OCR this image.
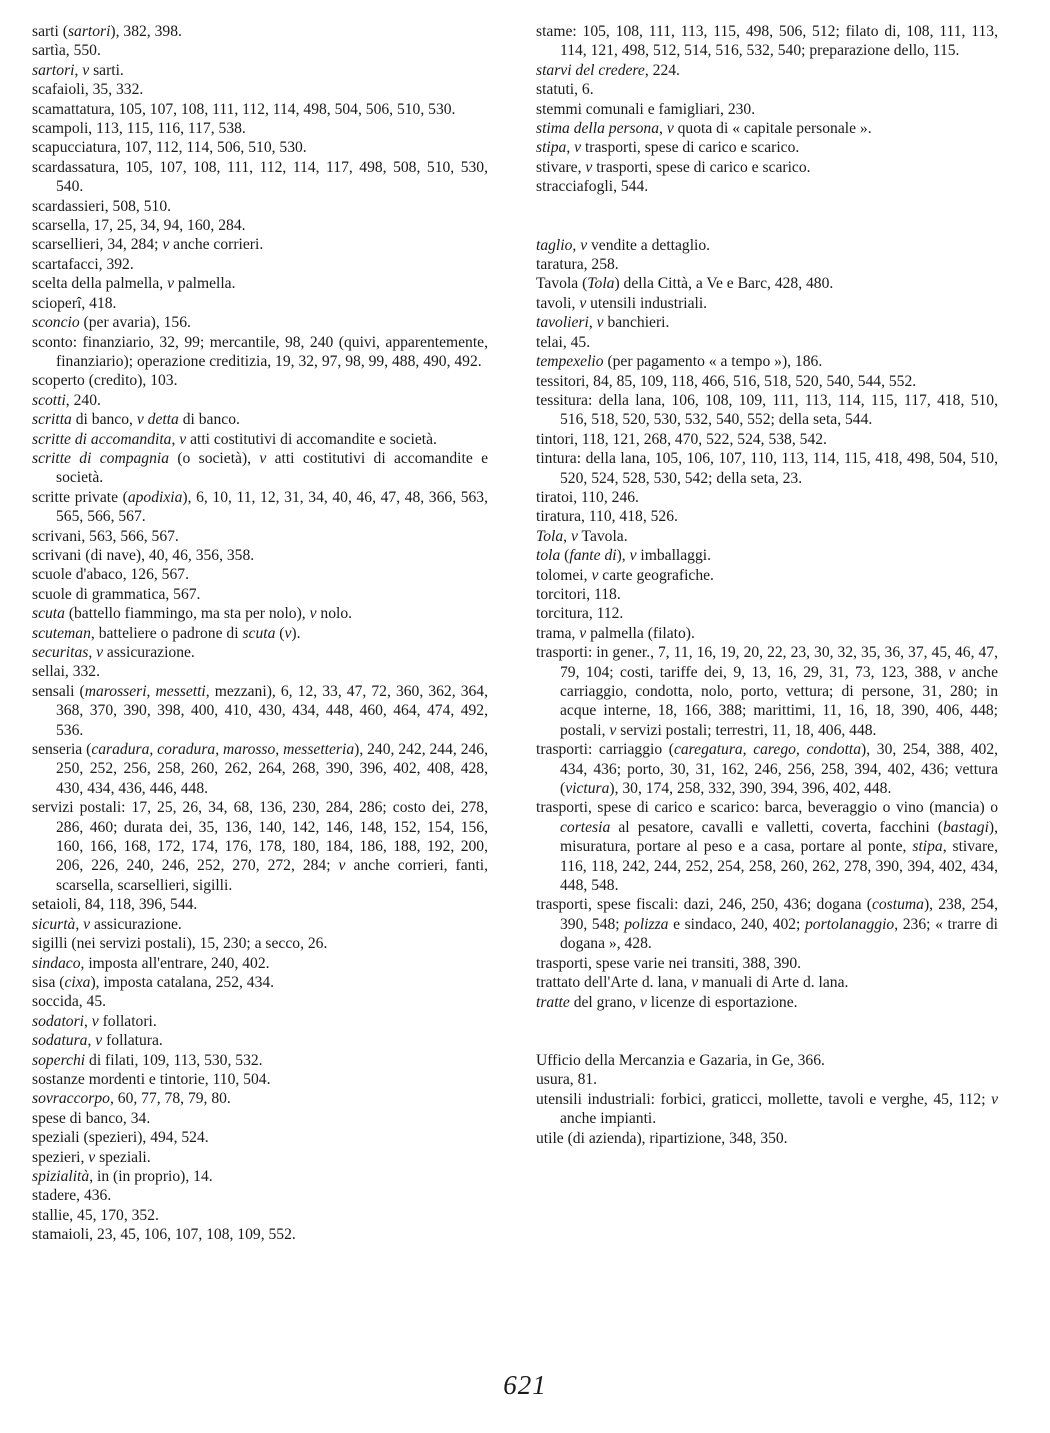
sarti (sartori), 382, 398.

sartìa, 550.

sartori, v sarti.

scafaioli, 35, 332.

scamattatura, 105, 107, 108, 111, 112, 114, 498, 504, 506, 510, 530.

scampoli, 113, 115, 116, 117, 538.

scapucciatura, 107, 112, 114, 506, 510, 530.

scardassatura, 105, 107, 108, 111, 112, 114, 117, 498, 508, 510, 530, 540.

scardassieri, 508, 510.

scarsella, 17, 25, 34, 94, 160, 284.

scarsellieri, 34, 284; v anche corrieri.

scartafacci, 392.

scelta della palmella, v palmella.

scioperî, 418.

sconcio (per avaria), 156.

sconto: finanziario, 32, 99; mercantile, 98, 240 (quivi, apparentemente, finanziario); operazione creditizia, 19, 32, 97, 98, 99, 488, 490, 492.

scoperto (credito), 103.

scotti, 240.

scritta di banco, v detta di banco.

scritte di accomandita, v atti costitutivi di accomandite e società.

scritte di compagnia (o società), v atti costitutivi di accomandite e società.

scritte private (apodixia), 6, 10, 11, 12, 31, 34, 40, 46, 47, 48, 366, 563, 565, 566, 567.

scrivani, 563, 566, 567.

scrivani (di nave), 40, 46, 356, 358.

scuole d'abaco, 126, 567.

scuole di grammatica, 567.

scuta (battello fiammingo, ma sta per nolo), v nolo.

scuteman, batteliere o padrone di scuta (v).

securitas, v assicurazione.

sellai, 332.

sensali (marosseri, messetti, mezzani), 6, 12, 33, 47, 72, 360, 362, 364, 368, 370, 390, 398, 400, 410, 430, 434, 448, 460, 464, 474, 492, 536.

senseria (caradura, coradura, marosso, messetteria), 240, 242, 244, 246, 250, 252, 256, 258, 260, 262, 264, 268, 390, 396, 402, 408, 428, 430, 434, 436, 446, 448.

servizi postali: 17, 25, 26, 34, 68, 136, 230, 284, 286; costo dei, 278, 286, 460; durata dei, 35, 136, 140, 142, 146, 148, 152, 154, 156, 160, 166, 168, 172, 174, 176, 178, 180, 184, 186, 188, 192, 200, 206, 226, 240, 246, 252, 270, 272, 284; v anche corrieri, fanti, scarsella, scarsellieri, sigilli.

setaioli, 84, 118, 396, 544.

sicurtà, v assicurazione.

sigilli (nei servizi postali), 15, 230; a secco, 26.

sindaco, imposta all'entrare, 240, 402.

sisa (cixa), imposta catalana, 252, 434.

soccida, 45.

sodatori, v follatori.

sodatura, v follatura.

soperchi di filati, 109, 113, 530, 532.

sostanze mordenti e tintorie, 110, 504.

sovraccorpo, 60, 77, 78, 79, 80.

spese di banco, 34.

speziali (spezieri), 494, 524.

spezieri, v speziali.

spizialità, in (in proprio), 14.

stadere, 436.

stallie, 45, 170, 352.

stamaioli, 23, 45, 106, 107, 108, 109, 552.

stame: 105, 108, 111, 113, 115, 498, 506, 512; filato di, 108, 111, 113, 114, 121, 498, 512, 514, 516, 532, 540; preparazione dello, 115.

starvi del credere, 224.

statuti, 6.

stemmi comunali e famigliari, 230.

stima della persona, v quota di « capitale personale ».

stipa, v trasporti, spese di carico e scarico.

stivare, v trasporti, spese di carico e scarico.

stracciafogli, 544.

taglio, v vendite a dettaglio.

taratura, 258.

Tavola (Tola) della Città, a Ve e Barc, 428, 480.

tavoli, v utensili industriali.

tavolieri, v banchieri.

telai, 45.

tempexelio (per pagamento « a tempo »), 186.

tessitori, 84, 85, 109, 118, 466, 516, 518, 520, 540, 544, 552.

tessitura: della lana, 106, 108, 109, 111, 113, 114, 115, 117, 418, 510, 516, 518, 520, 530, 532, 540, 552; della seta, 544.

tintori, 118, 121, 268, 470, 522, 524, 538, 542.

tintura: della lana, 105, 106, 107, 110, 113, 114, 115, 418, 498, 504, 510, 520, 524, 528, 530, 542; della seta, 23.

tiratoi, 110, 246.

tiratura, 110, 418, 526.

Tola, v Tavola.

tola (fante di), v imballaggi.

tolomei, v carte geografiche.

torcitori, 118.

torcitura, 112.

trama, v palmella (filato).

trasporti: in gener., 7, 11, 16, 19, 20, 22, 23, 30, 32, 35, 36, 37, 45, 46, 47, 79, 104; costi, tariffe dei, 9, 13, 16, 29, 31, 73, 123, 388, v anche carriaggio, condotta, nolo, porto, vettura; di persone, 31, 280; in acque interne, 18, 166, 388; marittimi, 11, 16, 18, 390, 406, 448; postali, v servizi postali; terrestri, 11, 18, 406, 448.

trasporti: carriaggio (caregatura, carego, condotta), 30, 254, 388, 402, 434, 436; porto, 30, 31, 162, 246, 256, 258, 394, 402, 436; vettura (victura), 30, 174, 258, 332, 390, 394, 396, 402, 448.

trasporti, spese di carico e scarico: barca, beveraggio o vino (mancia) o cortesia al pesatore, cavalli e valletti, coverta, facchini (bastagi), misuratura, portare al peso e a casa, portare al ponte, stipa, stivare, 116, 118, 242, 244, 252, 254, 258, 260, 262, 278, 390, 394, 402, 434, 448, 548.

trasporti, spese fiscali: dazi, 246, 250, 436; dogana (costuma), 238, 254, 390, 548; polizza e sindaco, 240, 402; portolanaggio, 236; « trarre di dogana », 428.

trasporti, spese varie nei transiti, 388, 390.

trattato dell'Arte d. lana, v manuali di Arte d. lana.

tratte del grano, v licenze di esportazione.

Ufficio della Mercanzia e Gazaria, in Ge, 366.

usura, 81.

utensili industriali: forbici, graticci, mollette, tavoli e verghe, 45, 112; v anche impianti.

utile (di azienda), ripartizione, 348, 350.

621
